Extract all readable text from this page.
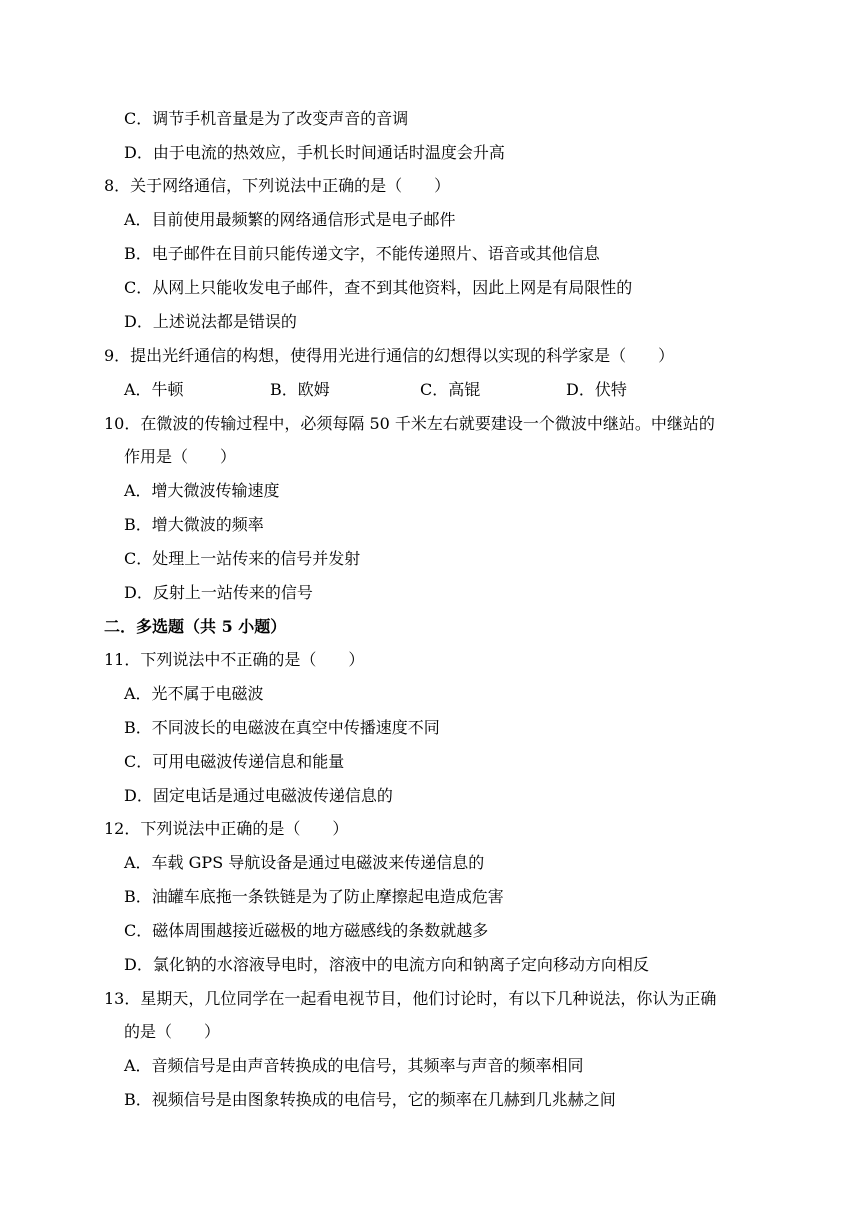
C．调节手机音量是为了改变声音的音调
D．由于电流的热效应，手机长时间通话时温度会升高
8．关于网络通信，下列说法中正确的是（　　）
A．目前使用最频繁的网络通信形式是电子邮件
B．电子邮件在目前只能传递文字，不能传递照片、语音或其他信息
C．从网上只能收发电子邮件，查不到其他资料，因此上网是有局限性的
D．上述说法都是错误的
9．提出光纤通信的构想，使得用光进行通信的幻想得以实现的科学家是（　　）
A．牛顿	B．欧姆	C．高锟	D．伏特
10．在微波的传输过程中，必须每隔 50 千米左右就要建设一个微波中继站。中继站的
作用是（　　）
A．增大微波传输速度
B．增大微波的频率
C．处理上一站传来的信号并发射
D．反射上一站传来的信号
二．多选题（共 5 小题）
11．下列说法中不正确的是（　　）
A．光不属于电磁波
B．不同波长的电磁波在真空中传播速度不同
C．可用电磁波传递信息和能量
D．固定电话是通过电磁波传递信息的
12．下列说法中正确的是（　　）
A．车载 GPS 导航设备是通过电磁波来传递信息的
B．油罐车底拖一条铁链是为了防止摩擦起电造成危害
C．磁体周围越接近磁极的地方磁感线的条数就越多
D．氯化钠的水溶液导电时，溶液中的电流方向和钠离子定向移动方向相反
13．星期天，几位同学在一起看电视节目，他们讨论时，有以下几种说法，你认为正确
的是（　　）
A．音频信号是由声音转换成的电信号，其频率与声音的频率相同
B．视频信号是由图象转换成的电信号，它的频率在几赫到几兆赫之间
